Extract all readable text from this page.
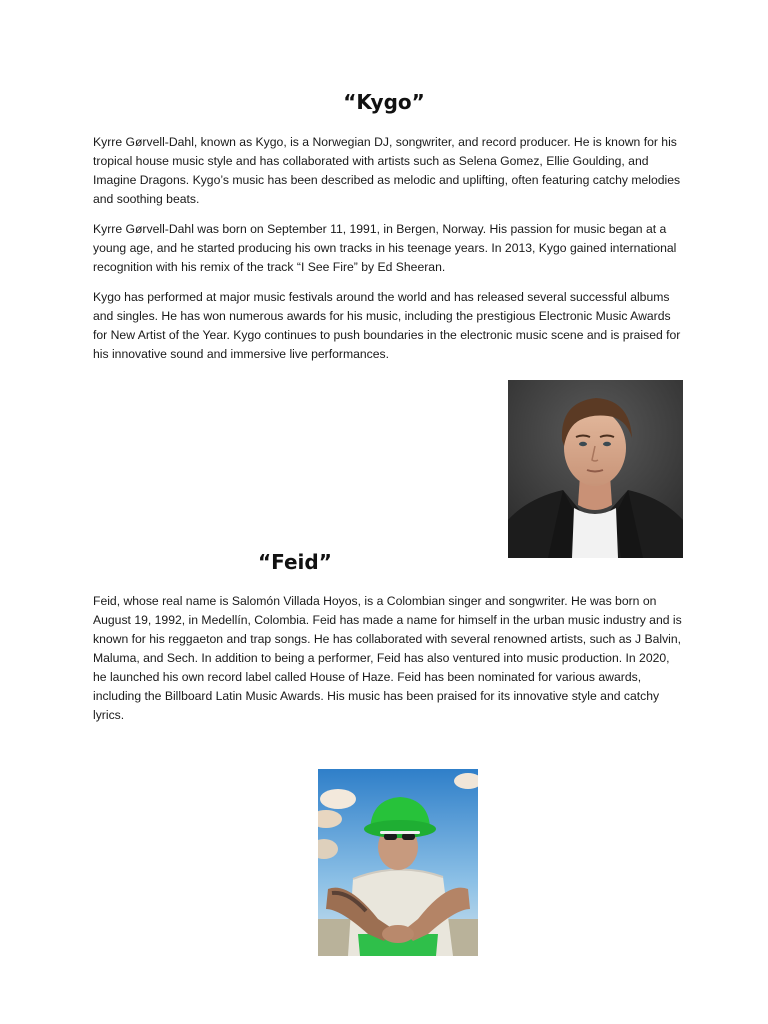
“Kygo”

Kyrre Gørvell-Dahl, known as Kygo, is a Norwegian DJ, songwriter, and record producer. He is known for his tropical house music style and has collaborated with artists such as Selena Gomez, Ellie Goulding, and Imagine Dragons. Kygo’s music has been described as melodic and uplifting, often featuring catchy melodies and soothing beats.

Kyrre Gørvell-Dahl was born on September 11, 1991, in Bergen, Norway. His passion for music began at a young age, and he started producing his own tracks in his teenage years. In 2013, Kygo gained international recognition with his remix of the track “I See Fire” by Ed Sheeran.

Kygo has performed at major music festivals around the world and has released several successful albums and singles. He has won numerous awards for his music, including the prestigious Electronic Music Awards for New Artist of the Year. Kygo continues to push boundaries in the electronic music scene and is praised for his innovative sound and immersive live performances.

“Feid”

Feid, whose real name is Salomón Villada Hoyos, is a Colombian singer and songwriter. He was born on August 19, 1992, in Medellín, Colombia. Feid has made a name for himself in the urban music industry and is known for his reggaeton and trap songs. He has collaborated with several renowned artists, such as J Balvin, Maluma, and Sech. In addition to being a performer, Feid has also ventured into music production. In 2020, he launched his own record label called House of Haze. Feid has been nominated for various awards, including the Billboard Latin Music Awards. His music has been praised for its innovative style and catchy lyrics.
